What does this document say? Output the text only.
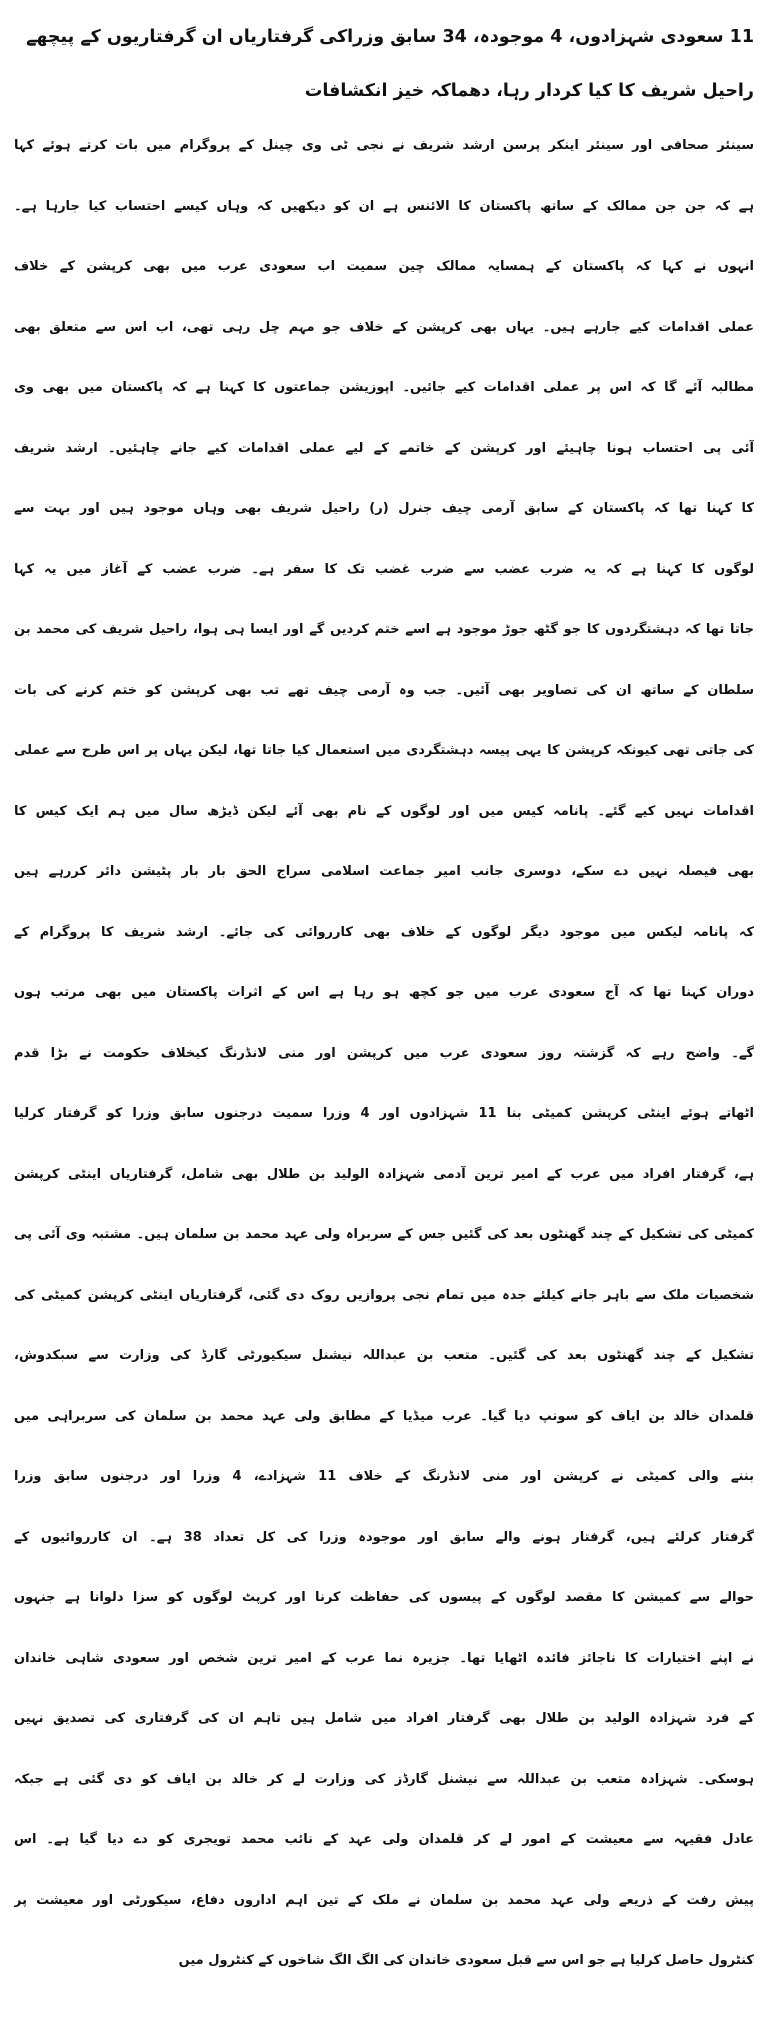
11 سعودی شہزادوں، 4 موجودہ، 34 سابق وزراکی گرفتاریاں ان گرفتاریوں کے پیچھے
راحیل شریف کا کیا کردار رہا، دھماکہ خیز انکشافات
سینئر صحافی اور سینئر اینکر پرسن ارشد شریف نے نجی ٹی وی چینل کے پروگرام میں بات کرتے ہوئے کہا
ہے کہ جن جن ممالک کے ساتھ پاکستان کا الائنس ہے ان کو دیکھیں کہ وہاں کیسے احتساب کیا جارہا ہے۔
انہوں نے کہا کہ پاکستان کے ہمسایہ ممالک چین سمیت اب سعودی عرب میں بھی کرپشن کے خلاف
عملی اقدامات کیے جارہے ہیں۔ یہاں بھی کرپشن کے خلاف جو مہم چل رہی تھی، اب اس سے متعلق بھی
مطالبہ آئے گا کہ اس پر عملی اقدامات کیے جائیں۔ اپوزیشن جماعتوں کا کہنا ہے کہ پاکستان میں بھی وی
آئی پی احتساب ہونا چاہیئے اور کرپشن کے خاتمے کے لیے عملی اقدامات کیے جانے چاہئیں۔ ارشد شریف
کا کہنا تھا کہ پاکستان کے سابق آرمی چیف جنرل (ر) راحیل شریف بھی وہاں موجود ہیں اور بہت سے
لوگوں کا کہنا ہے کہ یہ ضرب عضب سے ضرب غضب تک کا سفر ہے۔ ضرب عضب کے آغاز میں یہ کہا
جاتا تھا کہ دہشتگردوں کا جو گٹھ جوڑ موجود ہے اسے ختم کردیں گے اور ایسا ہی ہوا، راحیل شریف کی محمد بن
سلطان کے ساتھ ان کی تصاویر بھی آئیں۔ جب وہ آرمی چیف تھے تب بھی کرپشن کو ختم کرنے کی بات
کی جاتی تھی کیونکہ کرپشن کا یہی پیسہ دہشتگردی میں استعمال کیا جاتا تھا، لیکن یہاں پر اس طرح سے عملی
اقدامات نہیں کیے گئے۔ پانامہ کیس میں اور لوگوں کے نام بھی آئے لیکن ڈیڑھ سال میں ہم ایک کیس کا
بھی فیصلہ نہیں دے سکے، دوسری جانب امیر جماعت اسلامی سراج الحق بار بار پٹیشن دائر کررہے ہیں
کہ پانامہ لیکس میں موجود دیگر لوگوں کے خلاف بھی کارروائی کی جائے۔ ارشد شریف کا پروگرام کے
دوران کہنا تھا کہ آج سعودی عرب میں جو کچھ ہو رہا ہے اس کے اثرات پاکستان میں بھی مرتب ہوں
گے۔ واضح رہے کہ گزشتہ روز سعودی عرب میں کرپشن اور منی لانڈرنگ کیخلاف حکومت نے بڑا قدم
اٹھاتے ہوئے اینٹی کرپشن کمیٹی بنا 11 شہزادوں اور 4 وزرا سمیت درجنوں سابق وزرا کو گرفتار کرلیا
ہے، گرفتار افراد میں عرب کے امیر ترین آدمی شہزادہ الولید بن طلال بھی شامل، گرفتاریاں اینٹی کرپشن
کمیٹی کی تشکیل کے چند گھنٹوں بعد کی گئیں جس کے سربراہ ولی عہد محمد بن سلمان ہیں۔ مشتبہ وی آئی پی
شخصیات ملک سے باہر جانے کیلئے جدہ میں تمام نجی پروازیں روک دی گئی، گرفتاریاں اینٹی کرپشن کمیٹی کی
تشکیل کے چند گھنٹوں بعد کی گئیں۔ متعب بن عبداللہ نیشنل سیکیورٹی گارڈ کی وزارت سے سبکدوش،
قلمدان خالد بن ایاف کو سونپ دیا گیا۔ عرب میڈیا کے مطابق ولی عہد محمد بن سلمان کی سربراہی میں
بننے والی کمیٹی نے کرپشن اور منی لانڈرنگ کے خلاف 11 شہزادے، 4 وزرا اور درجنوں سابق وزرا
گرفتار کرلئے ہیں، گرفتار ہونے والے سابق اور موجودہ وزرا کی کل تعداد 38 ہے۔ ان کارروائیوں کے
حوالے سے کمیشن کا مقصد لوگوں کے پیسوں کی حفاظت کرنا اور کرپٹ لوگوں کو سزا دلوانا ہے جنہوں
نے اپنے اختیارات کا ناجائز فائدہ اٹھایا تھا۔ جزیرہ نما عرب کے امیر ترین شخص اور سعودی شاہی خاندان
کے فرد شہزادہ الولید بن طلال بھی گرفتار افراد میں شامل ہیں تاہم ان کی گرفتاری کی تصدیق نہیں
ہوسکی۔ شہزادہ متعب بن عبداللہ سے نیشنل گارڈز کی وزارت لے کر خالد بن ایاف کو دی گئی ہے جبکہ
عادل فقیہہ سے معیشت کے امور لے کر قلمدان ولی عہد کے نائب محمد تویجری کو دے دیا گیا ہے۔ اس
پیش رفت کے ذریعے ولی عہد محمد بن سلمان نے ملک کے تین اہم اداروں دفاع، سیکورٹی اور معیشت پر
کنٹرول حاصل کرلیا ہے جو اس سے قبل سعودی خاندان کی الگ الگ شاخوں کے کنٹرول میں
